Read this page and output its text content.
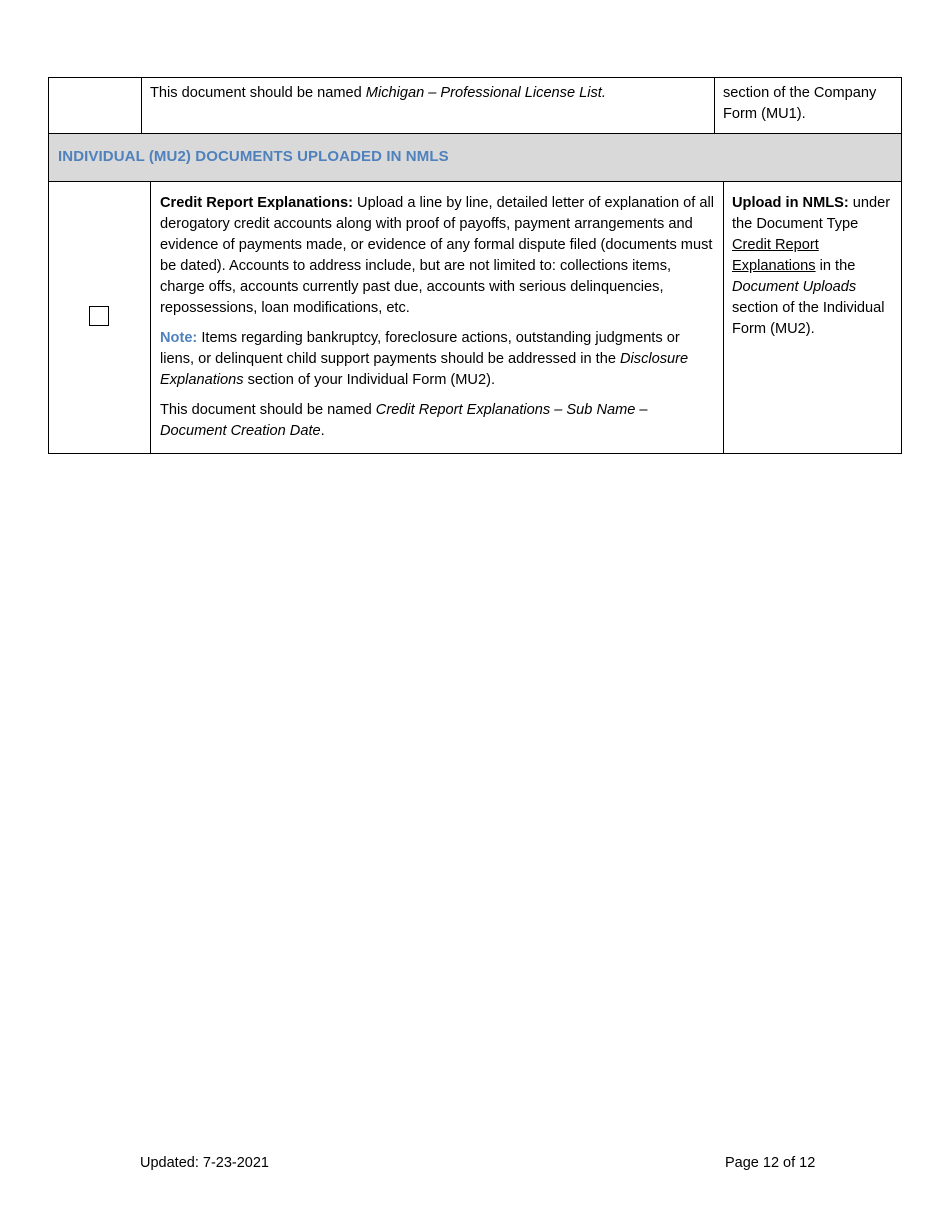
This document should be named Michigan – Professional License List.	section of the Company Form (MU1).
INDIVIDUAL (MU2) DOCUMENTS UPLOADED IN NMLS

Credit Report Explanations: Upload a line by line, detailed letter of explanation of all derogatory credit accounts along with proof of payoffs, payment arrangements and evidence of payments made, or evidence of any formal dispute filed (documents must be dated). Accounts to address include, but are not limited to: collections items, charge offs, accounts currently past due, accounts with serious delinquencies, repossessions, loan modifications, etc.

Note: Items regarding bankruptcy, foreclosure actions, outstanding judgments or liens, or delinquent child support payments should be addressed in the Disclosure Explanations section of your Individual Form (MU2).

This document should be named Credit Report Explanations – Sub Name – Document Creation Date.

Upload in NMLS: under the Document Type Credit Report Explanations in the Document Uploads section of the Individual Form (MU2).
Updated: 7-23-2021	Page 12 of 12
